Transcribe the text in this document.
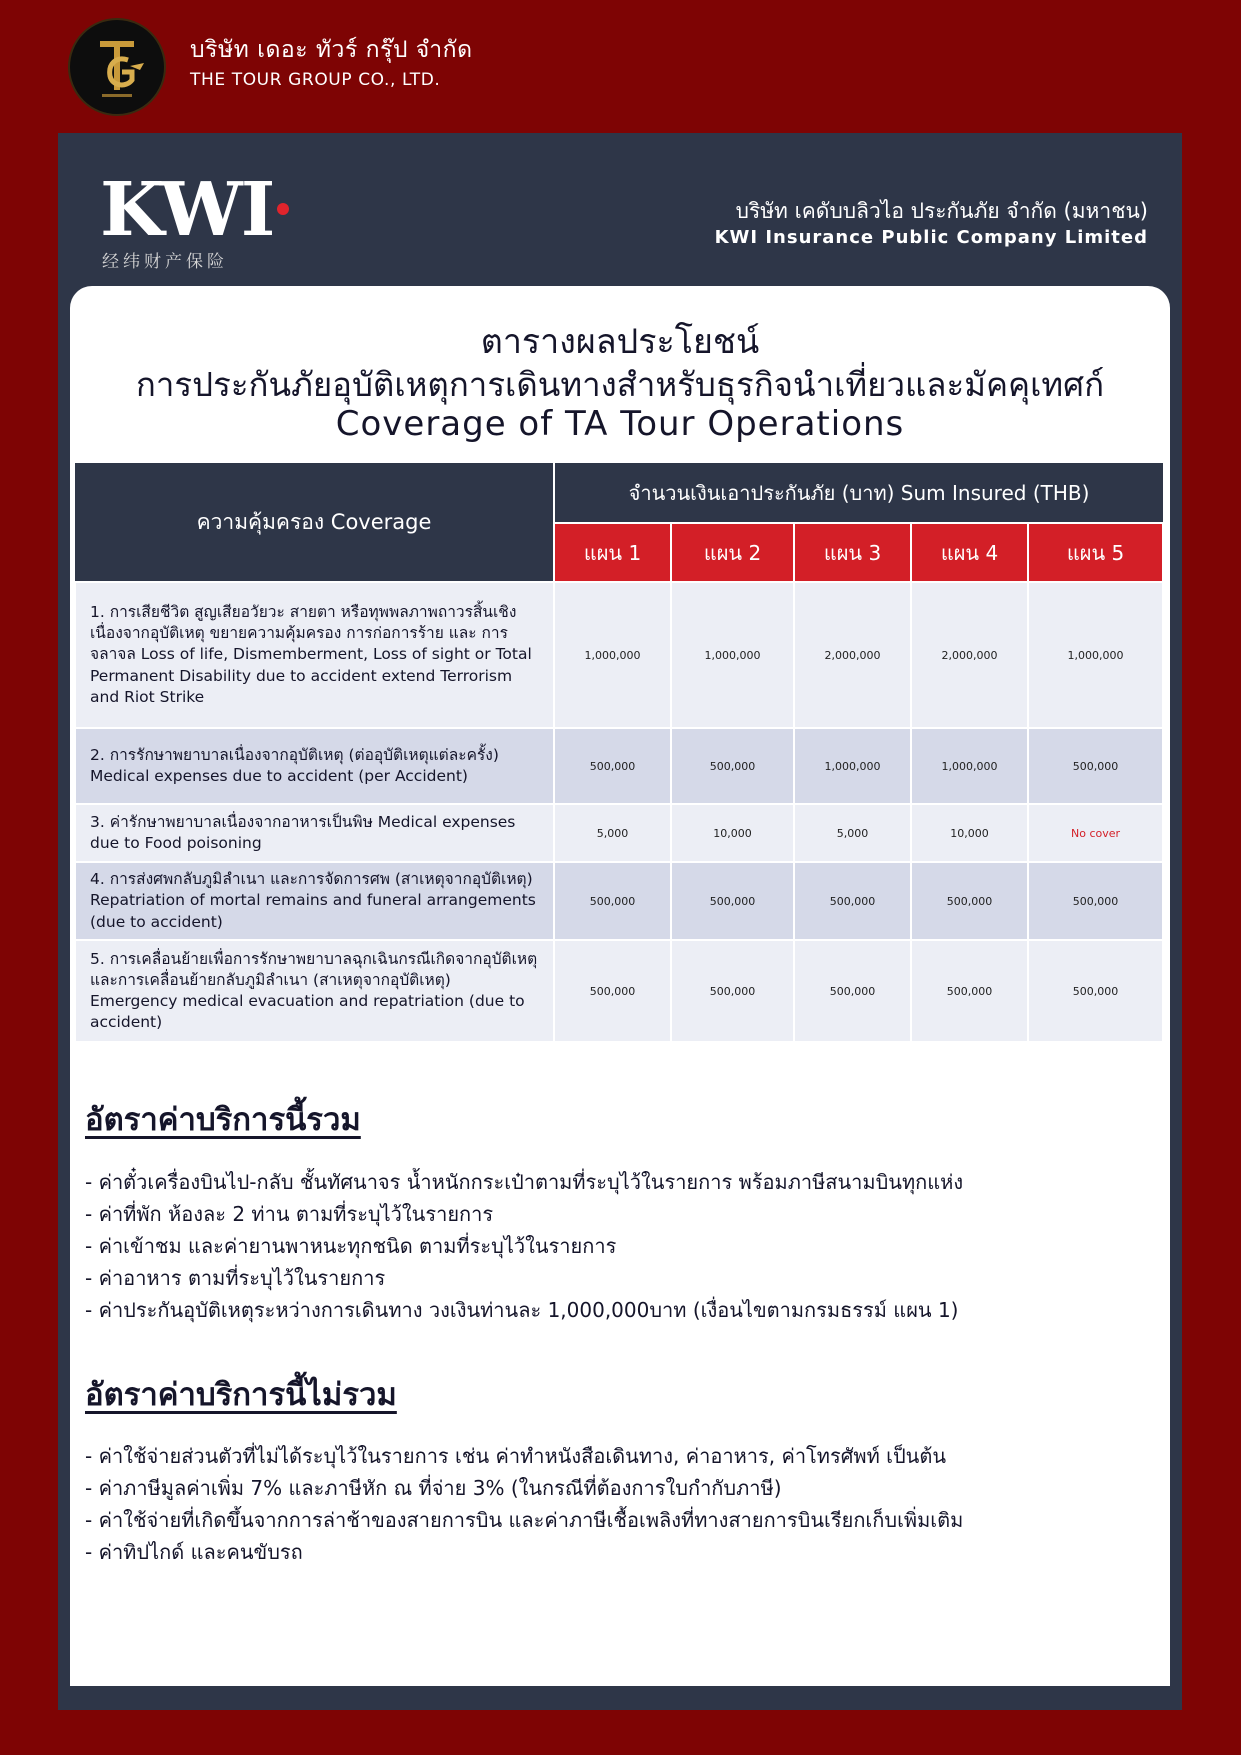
บริษัท เดอะ ทัวร์ กรุ๊ป จำกัด
THE TOUR GROUP CO., LTD.
KWI
经纬财产保险
บริษัท เคดับบลิวไอ ประกันภัย จำกัด (มหาชน)
KWI Insurance Public Company Limited
ตารางผลประโยชน์
การประกันภัยอุบัติเหตุการเดินทางสำหรับธุรกิจนำเที่ยวและมัคคุเทศก์
Coverage of TA Tour Operations
ความคุ้มครอง Coverage	จำนวนเงินเอาประกันภัย (บาท) Sum Insured (THB)				
	แผน 1	แผน 2	แผน 3	แผน 4	แผน 5
1. การเสียชีวิต สูญเสียอวัยวะ สายตา หรือทุพพลภาพถาวรสิ้นเชิงเนื่องจากอุบัติเหตุ ขยายความคุ้มครอง การก่อการร้าย และ การจลาจล Loss of life, Dismemberment, Loss of sight or Total Permanent Disability due to accident extend Terrorism and Riot Strike	1,000,000	1,000,000	2,000,000	2,000,000	1,000,000
2. การรักษาพยาบาลเนื่องจากอุบัติเหตุ (ต่ออุบัติเหตุแต่ละครั้ง) Medical expenses due to accident (per Accident)	500,000	500,000	1,000,000	1,000,000	500,000
3. ค่ารักษาพยาบาลเนื่องจากอาหารเป็นพิษ Medical expenses due to Food poisoning	5,000	10,000	5,000	10,000	No cover
4. การส่งศพกลับภูมิลำเนา และการจัดการศพ (สาเหตุจากอุบัติเหตุ) Repatriation of mortal remains and funeral arrangements (due to accident)	500,000	500,000	500,000	500,000	500,000
5. การเคลื่อนย้ายเพื่อการรักษาพยาบาลฉุกเฉินกรณีเกิดจากอุบัติเหตุ และการเคลื่อนย้ายกลับภูมิลำเนา (สาเหตุจากอุบัติเหตุ) Emergency medical evacuation and repatriation (due to accident)	500,000	500,000	500,000	500,000	500,000
อัตราค่าบริการนี้รวม
- ค่าตั๋วเครื่องบินไป-กลับ ชั้นทัศนาจร น้ำหนักกระเป๋าตามที่ระบุไว้ในรายการ พร้อมภาษีสนามบินทุกแห่ง
- ค่าที่พัก ห้องละ 2 ท่าน ตามที่ระบุไว้ในรายการ
- ค่าเข้าชม และค่ายานพาหนะทุกชนิด ตามที่ระบุไว้ในรายการ
- ค่าอาหาร ตามที่ระบุไว้ในรายการ
- ค่าประกันอุบัติเหตุระหว่างการเดินทาง วงเงินท่านละ 1,000,000บาท (เงื่อนไขตามกรมธรรม์ แผน 1)
อัตราค่าบริการนี้ไม่รวม
- ค่าใช้จ่ายส่วนตัวที่ไม่ได้ระบุไว้ในรายการ เช่น ค่าทำหนังสือเดินทาง, ค่าอาหาร, ค่าโทรศัพท์ เป็นต้น
- ค่าภาษีมูลค่าเพิ่ม 7% และภาษีหัก ณ ที่จ่าย 3% (ในกรณีที่ต้องการใบกำกับภาษี)
- ค่าใช้จ่ายที่เกิดขึ้นจากการล่าช้าของสายการบิน และค่าภาษีเชื้อเพลิงที่ทางสายการบินเรียกเก็บเพิ่มเติม
- ค่าทิปไกด์ และคนขับรถ
